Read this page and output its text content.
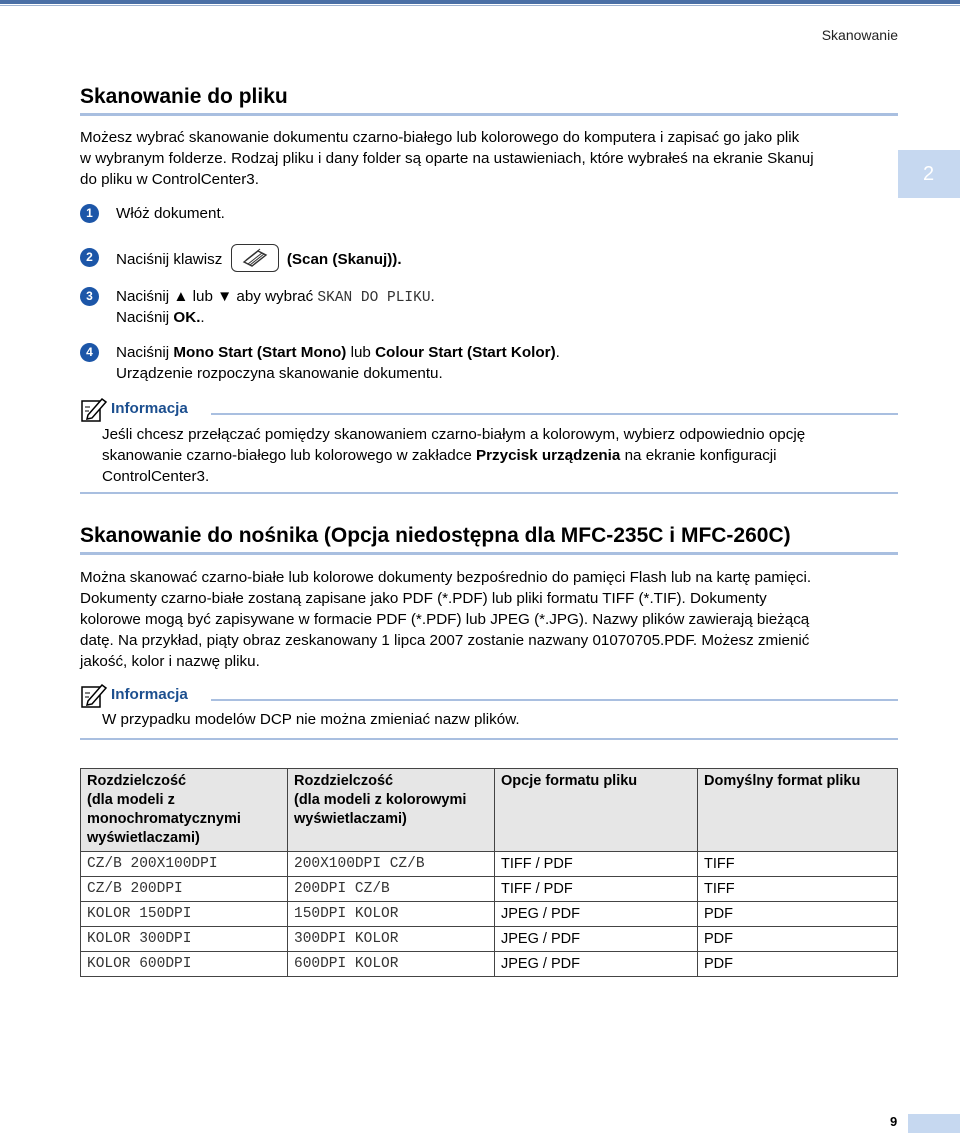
Skanowanie
2
Skanowanie do pliku
Możesz wybrać skanowanie dokumentu czarno-białego lub kolorowego do komputera i zapisać go jako plik
w wybranym folderze. Rodzaj pliku i dany folder są oparte na ustawieniach, które wybrałeś na ekranie Skanuj
do pliku w ControlCenter3.
1	Włóż dokument.
2	Naciśnij klawisz	(Scan (Skanuj)).
3	Naciśnij ▲ lub ▼ aby wybrać SKAN DO PLIKU.
Naciśnij OK..
4	Naciśnij Mono Start (Start Mono) lub Colour Start (Start Kolor).
Urządzenie rozpoczyna skanowanie dokumentu.
Informacja
Jeśli chcesz przełączać pomiędzy skanowaniem czarno-białym a kolorowym, wybierz odpowiednio opcję
skanowanie czarno-białego lub kolorowego w zakładce Przycisk urządzenia na ekranie konfiguracji
ControlCenter3.
Skanowanie do nośnika (Opcja niedostępna dla MFC-235C i MFC-260C)
Można skanować czarno-białe lub kolorowe dokumenty bezpośrednio do pamięci Flash lub na kartę pamięci.
Dokumenty czarno-białe zostaną zapisane jako PDF (*.PDF) lub pliki formatu TIFF (*.TIF). Dokumenty
kolorowe mogą być zapisywane w formacie PDF (*.PDF) lub JPEG (*.JPG). Nazwy plików zawierają bieżącą
datę. Na przykład, piąty obraz zeskanowany 1 lipca 2007 zostanie nazwany 01070705.PDF. Możesz zmienić
jakość, kolor i nazwę pliku.
Informacja
W przypadku modelów DCP nie można zmieniać nazw plików.
Rozdzielczość
(dla modeli z
monochromatycznymi
wyświetlaczami)	Rozdzielczość
(dla modeli z kolorowymi
wyświetlaczami)	Opcje formatu pliku	Domyślny format pliku
CZ/B 200X100DPI	200X100DPI CZ/B	TIFF / PDF	TIFF
CZ/B 200DPI	200DPI CZ/B	TIFF / PDF	TIFF
KOLOR 150DPI	150DPI KOLOR	JPEG / PDF	PDF
KOLOR 300DPI	300DPI KOLOR	JPEG / PDF	PDF
KOLOR 600DPI	600DPI KOLOR	JPEG / PDF	PDF
9
